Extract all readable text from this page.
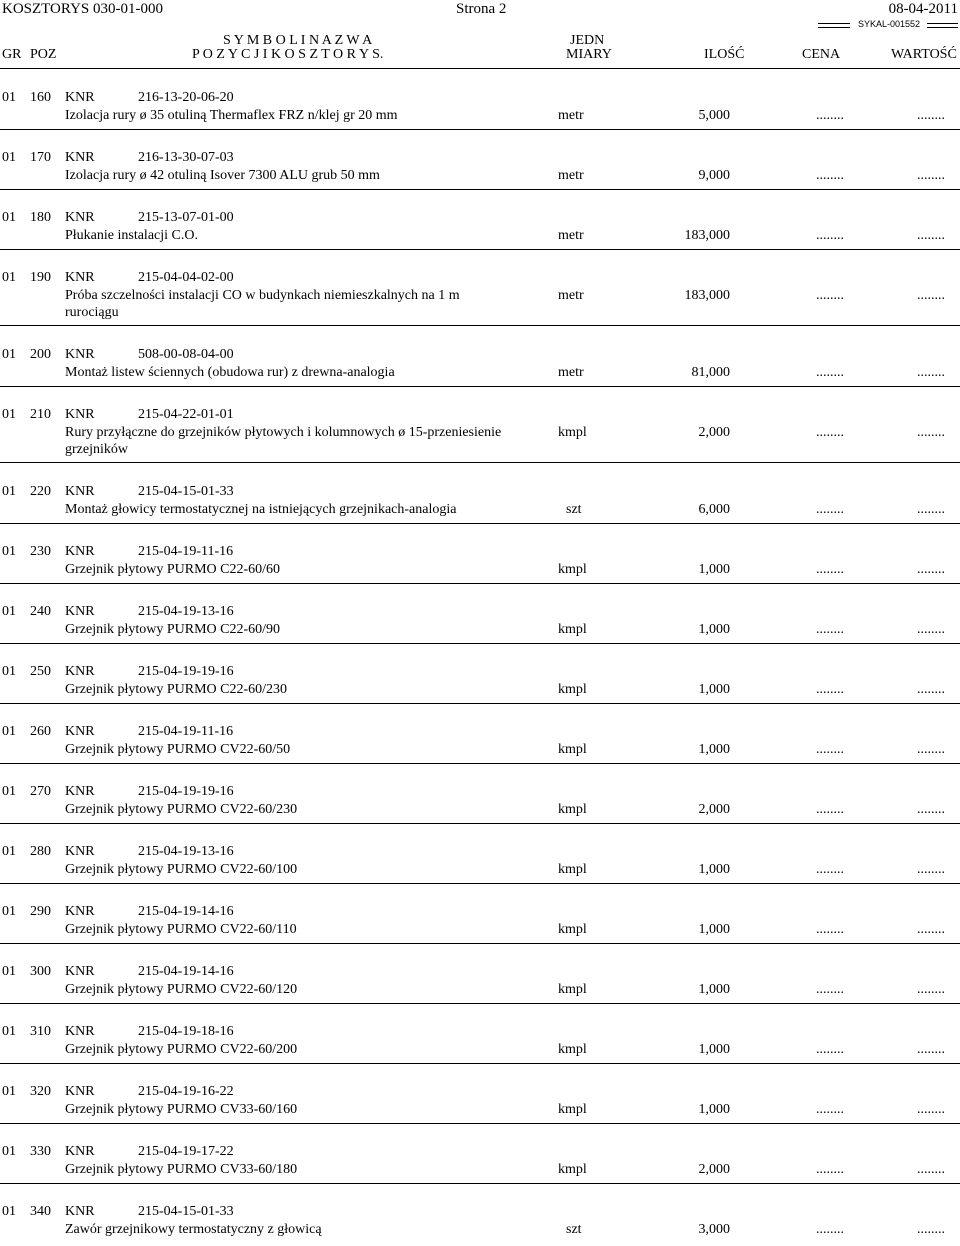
KOSZTORYS 030-01-000	Strona 2	08-04-2011
SYKAL-001552
S Y M B O L I N A Z W A	JEDN
GR POZ	P O Z Y C J I K O S Z T O R Y S.	MIARY	ILOŚĆ	CENA	WARTOŚĆ
01 160 KNR	216-13-20-06-20
Izolacja rury ø 35 otuliną Thermaflex FRZ n/klej gr 20 mm	metr	5,000	........	........
01 170 KNR	216-13-30-07-03
Izolacja rury ø 42 otuliną Isover 7300 ALU grub 50 mm	metr	9,000	........	........
01 180 KNR	215-13-07-01-00
Płukanie instalacji C.O.	metr	183,000	........	........
01 190 KNR	215-04-04-02-00
Próba szczelności instalacji CO w budynkach niemieszkalnych na 1 m rurociągu
metr	183,000	........	........
01 200 KNR	508-00-08-04-00
Montaż listew ściennych (obudowa rur) z drewna-analogia	metr	81,000	........	........
01 210 KNR	215-04-22-01-01
Rury przyłączne do grzejników płytowych i kolumnowych ø 15-przeniesienie grzejników
kmpl	2,000	........	........
01 220 KNR	215-04-15-01-33
Montaż głowicy termostatycznej na istniejących grzejnikach-analogia	szt	6,000	........	........
01 230 KNR	215-04-19-11-16
Grzejnik płytowy PURMO C22-60/60	kmpl	1,000	........	........
01 240 KNR	215-04-19-13-16
Grzejnik płytowy PURMO C22-60/90	kmpl	1,000	........	........
01 250 KNR	215-04-19-19-16
Grzejnik płytowy PURMO C22-60/230	kmpl	1,000	........	........
01 260 KNR	215-04-19-11-16
Grzejnik płytowy PURMO CV22-60/50	kmpl	1,000	........	........
01 270 KNR	215-04-19-19-16
Grzejnik płytowy PURMO CV22-60/230	kmpl	2,000	........	........
01 280 KNR	215-04-19-13-16
Grzejnik płytowy PURMO CV22-60/100	kmpl	1,000	........	........
01 290 KNR	215-04-19-14-16
Grzejnik płytowy PURMO CV22-60/110	kmpl	1,000	........	........
01 300 KNR	215-04-19-14-16
Grzejnik płytowy PURMO CV22-60/120	kmpl	1,000	........	........
01 310 KNR	215-04-19-18-16
Grzejnik płytowy PURMO CV22-60/200	kmpl	1,000	........	........
01 320 KNR	215-04-19-16-22
Grzejnik płytowy PURMO CV33-60/160	kmpl	1,000	........	........
01 330 KNR	215-04-19-17-22
Grzejnik płytowy PURMO CV33-60/180	kmpl	2,000	........	........
01 340 KNR	215-04-15-01-33
Zawór grzejnikowy termostatyczny z głowicą	szt	3,000	........	........
